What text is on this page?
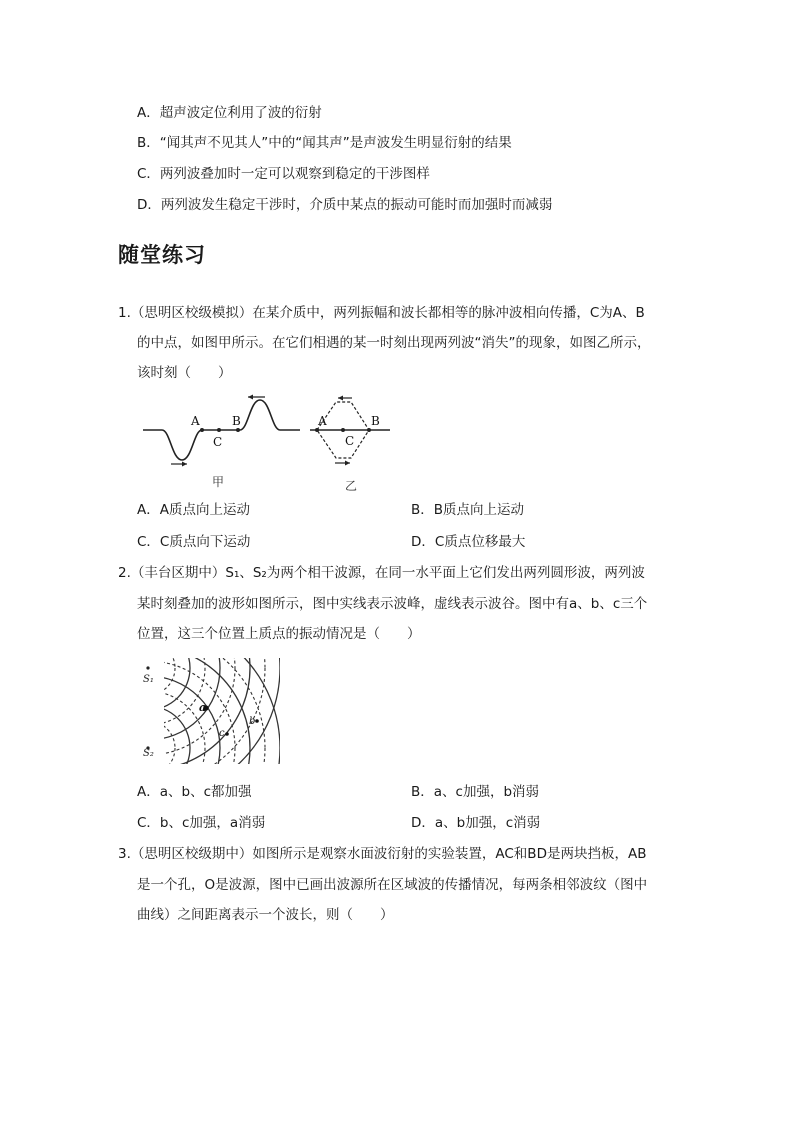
A．超声波定位利用了波的衍射
B．“闻其声不见其人”中的“闻其声”是声波发生明显衍射的结果
C．两列波叠加时一定可以观察到稳定的干涉图样
D．两列波发生稳定干涉时，介质中某点的振动可能时而加强时而减弱
随堂练习
1.（思明区校级模拟）在某介质中，两列振幅和波长都相等的脉冲波相向传播，C为A、B
的中点，如图甲所示。在它们相遇的某一时刻出现两列波“消失”的现象，如图乙所示，
该时刻（　　）
A	B
C
甲
A
C
B
乙
A．A质点向上运动	B．B质点向上运动
C．C质点向下运动	D．C质点位移最大
2.（丰台区期中）S₁、S₂为两个相干波源，在同一水平面上它们发出两列圆形波，两列波
某时刻叠加的波形如图所示，图中实线表示波峰，虚线表示波谷。图中有a、b、c三个
位置，这三个位置上质点的振动情况是（　　）
S₁
S₂
a
c
b
A．a、b、c都加强	B．a、c加强，b消弱
C．b、c加强，a消弱	D．a、b加强，c消弱
3.（思明区校级期中）如图所示是观察水面波衍射的实验装置，AC和BD是两块挡板，AB
是一个孔，O是波源，图中已画出波源所在区域波的传播情况，每两条相邻波纹（图中
曲线）之间距离表示一个波长，则（　　）
